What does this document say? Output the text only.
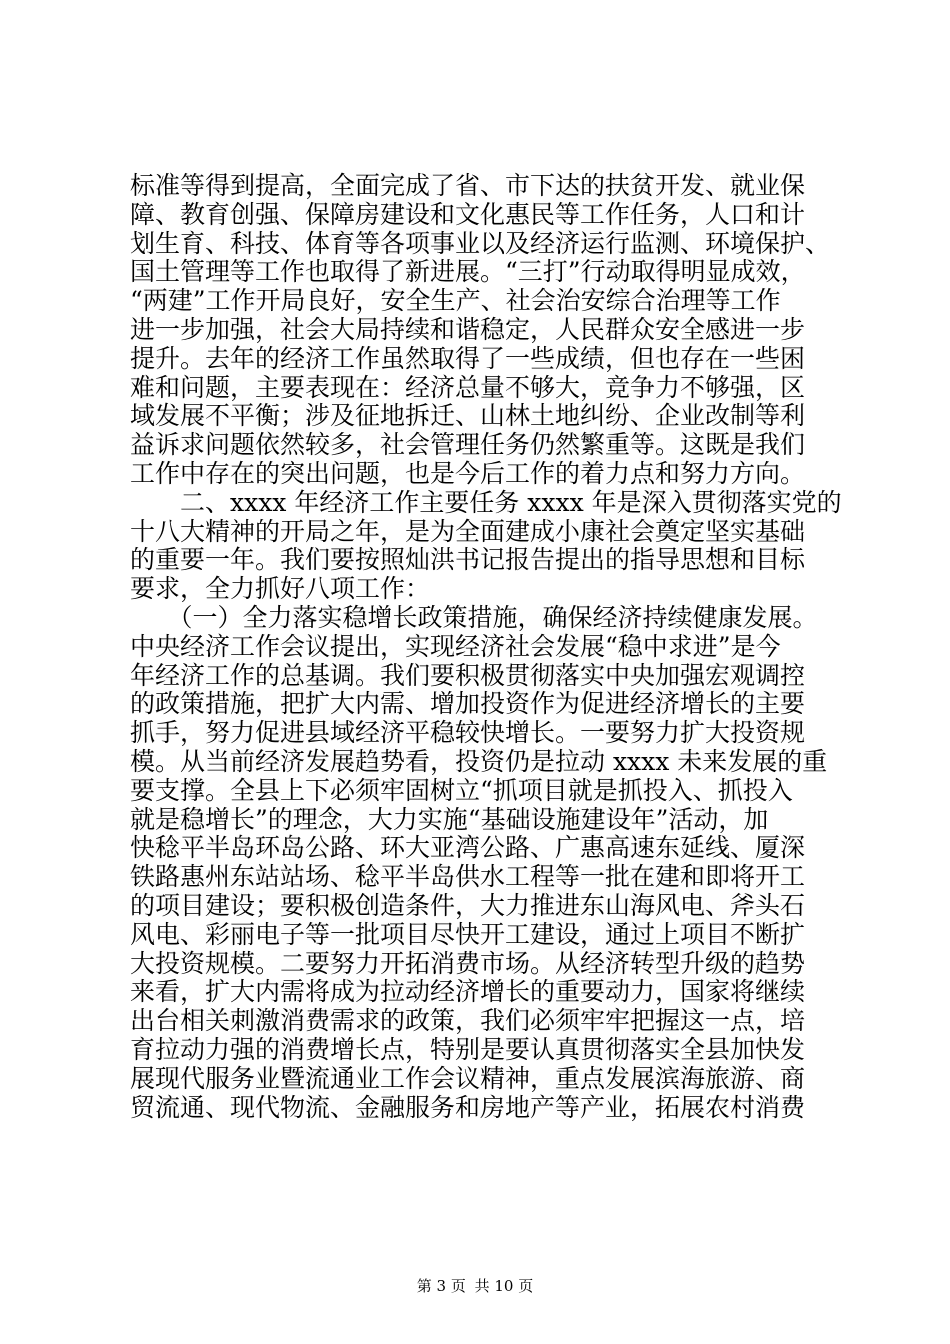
标准等得到提高，全面完成了省、市下达的扶贫开发、就业保
障、教育创强、保障房建设和文化惠民等工作任务，人口和计
划生育、科技、体育等各项事业以及经济运行监测、环境保护、
国土管理等工作也取得了新进展。“三打”行动取得明显成效，
“两建”工作开局良好，安全生产、社会治安综合治理等工作
进一步加强，社会大局持续和谐稳定，人民群众安全感进一步
提升。去年的经济工作虽然取得了一些成绩，但也存在一些困
难和问题，主要表现在：经济总量不够大，竞争力不够强，区
域发展不平衡；涉及征地拆迁、山林土地纠纷、企业改制等利
益诉求问题依然较多，社会管理任务仍然繁重等。这既是我们
工作中存在的突出问题，也是今后工作的着力点和努力方向。
　　二、xxxx 年经济工作主要任务 xxxx 年是深入贯彻落实党的
十八大精神的开局之年，是为全面建成小康社会奠定坚实基础
的重要一年。我们要按照灿洪书记报告提出的指导思想和目标
要求，全力抓好八项工作：
　　（一）全力落实稳增长政策措施，确保经济持续健康发展。
中央经济工作会议提出，实现经济社会发展“稳中求进”是今
年经济工作的总基调。我们要积极贯彻落实中央加强宏观调控
的政策措施，把扩大内需、增加投资作为促进经济增长的主要
抓手，努力促进县域经济平稳较快增长。一要努力扩大投资规
模。从当前经济发展趋势看，投资仍是拉动 xxxx 未来发展的重
要支撑。全县上下必须牢固树立“抓项目就是抓投入、抓投入
就是稳增长”的理念，大力实施“基础设施建设年”活动，加
快稔平半岛环岛公路、环大亚湾公路、广惠高速东延线、厦深
铁路惠州东站站场、稔平半岛供水工程等一批在建和即将开工
的项目建设；要积极创造条件，大力推进东山海风电、斧头石
风电、彩丽电子等一批项目尽快开工建设，通过上项目不断扩
大投资规模。二要努力开拓消费市场。从经济转型升级的趋势
来看，扩大内需将成为拉动经济增长的重要动力，国家将继续
出台相关刺激消费需求的政策，我们必须牢牢把握这一点，培
育拉动力强的消费增长点，特别是要认真贯彻落实全县加快发
展现代服务业暨流通业工作会议精神，重点发展滨海旅游、商
贸流通、现代物流、金融服务和房地产等产业，拓展农村消费
第 3 页 共 10 页
